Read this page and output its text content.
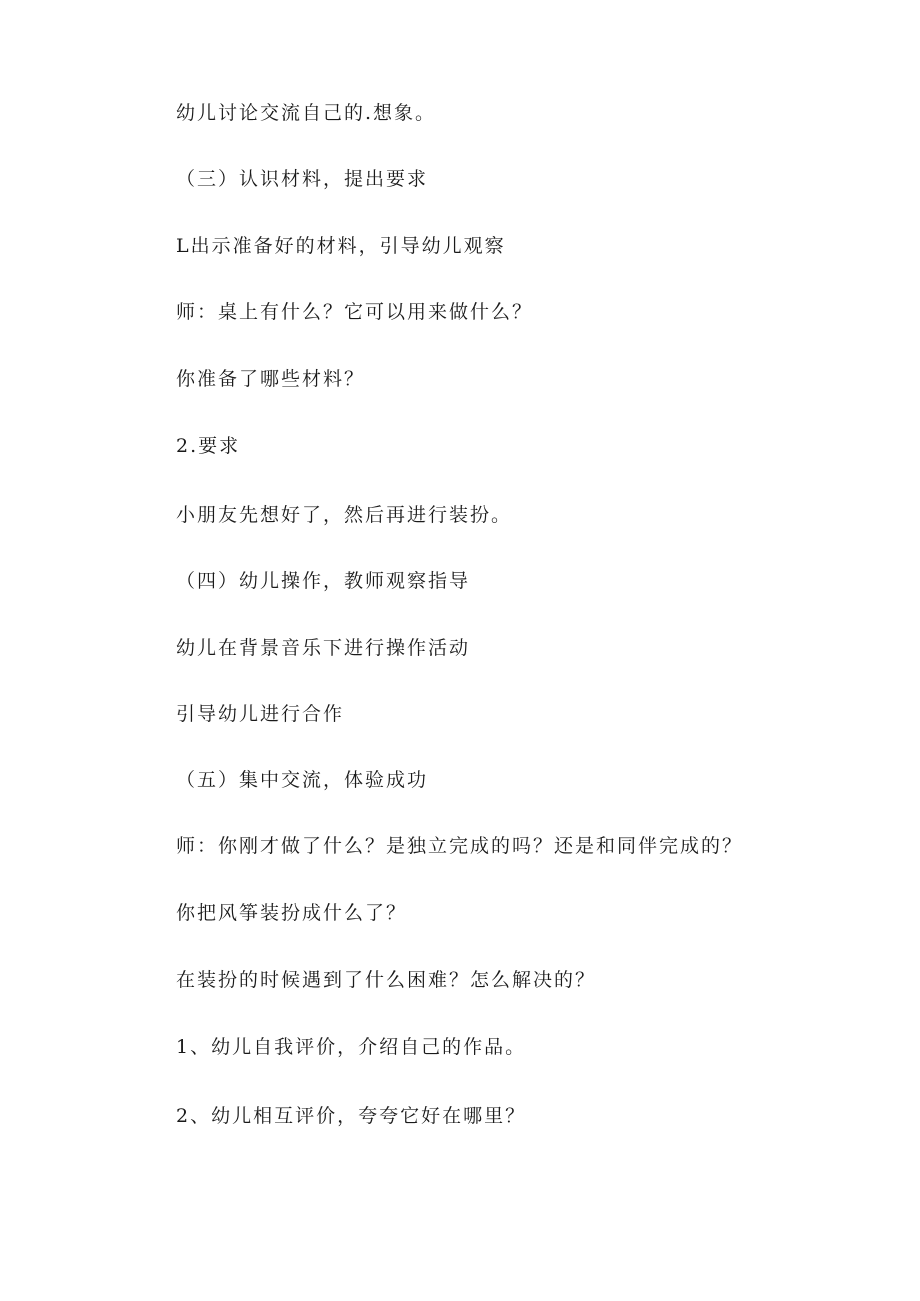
幼儿讨论交流自己的.想象。
（三）认识材料，提出要求
L出示准备好的材料，引导幼儿观察
师：桌上有什么？它可以用来做什么？
你准备了哪些材料？
2.要求
小朋友先想好了，然后再进行装扮。
（四）幼儿操作，教师观察指导
幼儿在背景音乐下进行操作活动
引导幼儿进行合作
（五）集中交流，体验成功
师：你刚才做了什么？是独立完成的吗？还是和同伴完成的？
你把风筝装扮成什么了？
在装扮的时候遇到了什么困难？怎么解决的？
1、幼儿自我评价，介绍自己的作品。
2、幼儿相互评价，夸夸它好在哪里？
